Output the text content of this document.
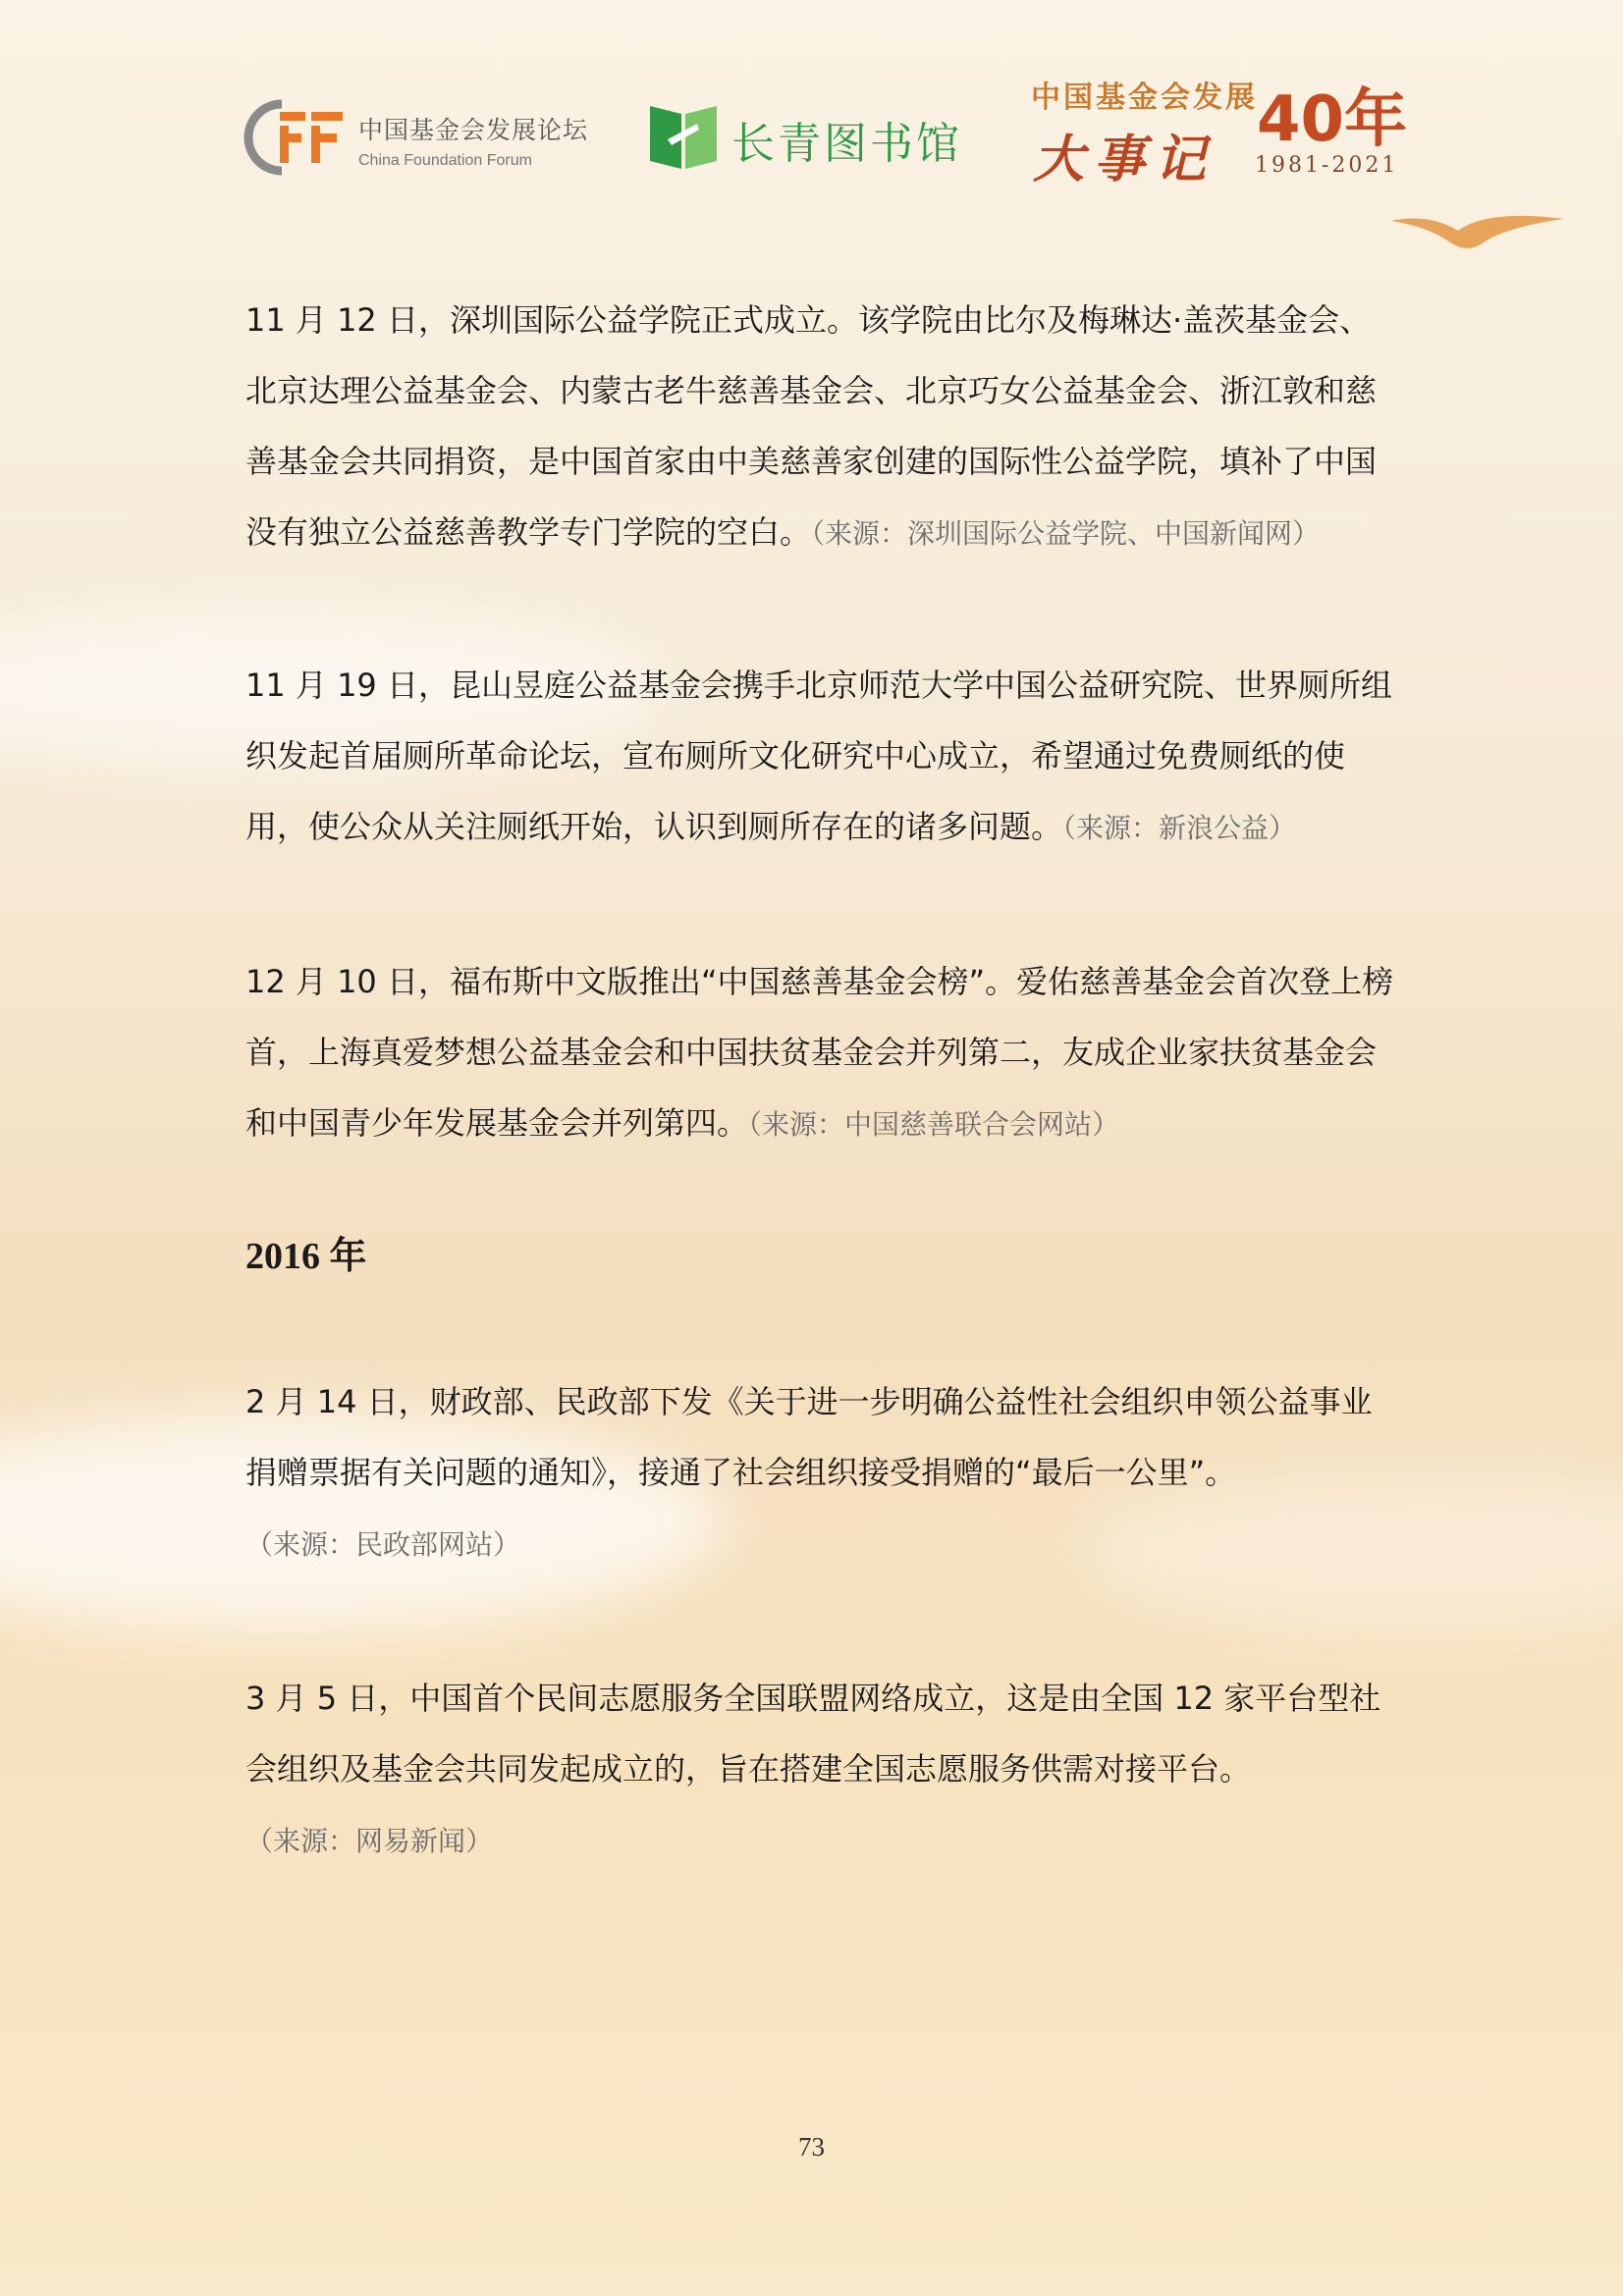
中国基金会发展论坛
China Foundation Forum	长青图书馆
中国基金会发展
大事记
40年
1981-2021

11 月 12 日，深圳国际公益学院正式成立。该学院由比尔及梅琳达·盖茨基金会、北京达理公益基金会、内蒙古老牛慈善基金会、北京巧女公益基金会、浙江敦和慈善基金会共同捐资，是中国首家由中美慈善家创建的国际性公益学院，填补了中国没有独立公益慈善教学专门学院的空白。（来源：深圳国际公益学院、中国新闻网）

11 月 19 日，昆山昱庭公益基金会携手北京师范大学中国公益研究院、世界厕所组织发起首届厕所革命论坛，宣布厕所文化研究中心成立，希望通过免费厕纸的使用，使公众从关注厕纸开始，认识到厕所存在的诸多问题。（来源：新浪公益）

12 月 10 日，福布斯中文版推出“中国慈善基金会榜”。爱佑慈善基金会首次登上榜首，上海真爱梦想公益基金会和中国扶贫基金会并列第二，友成企业家扶贫基金会和中国青少年发展基金会并列第四。（来源：中国慈善联合会网站）

2016 年

2 月 14 日，财政部、民政部下发《关于进一步明确公益性社会组织申领公益事业捐赠票据有关问题的通知》，接通了社会组织接受捐赠的“最后一公里”。
（来源：民政部网站）

3 月 5 日，中国首个民间志愿服务全国联盟网络成立，这是由全国 12 家平台型社会组织及基金会共同发起成立的，旨在搭建全国志愿服务供需对接平台。
（来源：网易新闻）

73
